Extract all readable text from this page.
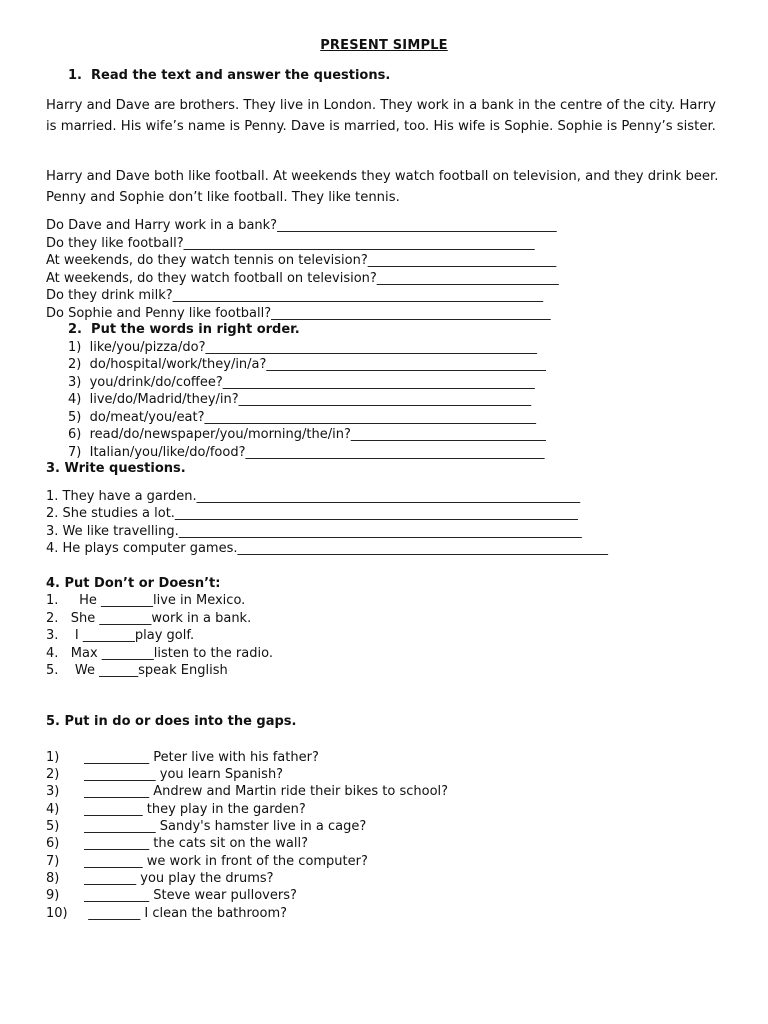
PRESENT SIMPLE
1.  Read the text and answer the questions.
Harry and Dave are brothers. They live in London. They work in a bank in the centre of the city. Harry is married. His wife’s name is Penny. Dave is married, too. His wife is Sophie. Sophie is Penny’s sister.
Harry and Dave both like football. At weekends they watch football on television, and they drink beer. Penny and Sophie don’t like football. They like tennis.
Do Dave and Harry work in a bank?___________________________________________
Do they like football?______________________________________________________
At weekends, do they watch tennis on television?_____________________________
At weekends, do they watch football on television?____________________________
Do they drink milk?_________________________________________________________
Do Sophie and Penny like football?___________________________________________
2.  Put the words in right order.
1)  like/you/pizza/do?___________________________________________________
2)  do/hospital/work/they/in/a?___________________________________________
3)  you/drink/do/coffee?________________________________________________
4)  live/do/Madrid/they/in?_____________________________________________
5)  do/meat/you/eat?___________________________________________________
6)  read/do/newspaper/you/morning/the/in?______________________________
7)  Italian/you/like/do/food?______________________________________________
3. Write questions.
1. They have a garden.___________________________________________________________
2. She studies a lot.______________________________________________________________
3. We like travelling.______________________________________________________________
4. He plays computer games._________________________________________________________
4. Put Don’t or Doesn’t:
1.     He ________live in Mexico.
2.   She ________work in a bank.
3.    I ________play golf.
4.   Max ________listen to the radio.
5.    We ______speak English
5. Put in do or does into the gaps.
1)      __________ Peter live with his father?
2)      ___________ you learn Spanish?
3)      __________ Andrew and Martin ride their bikes to school?
4)      _________ they play in the garden?
5)      ___________ Sandy's hamster live in a cage?
6)      __________ the cats sit on the wall?
7)      _________ we work in front of the computer?
8)      ________ you play the drums?
9)      __________ Steve wear pullovers?
10)     ________ I clean the bathroom?
